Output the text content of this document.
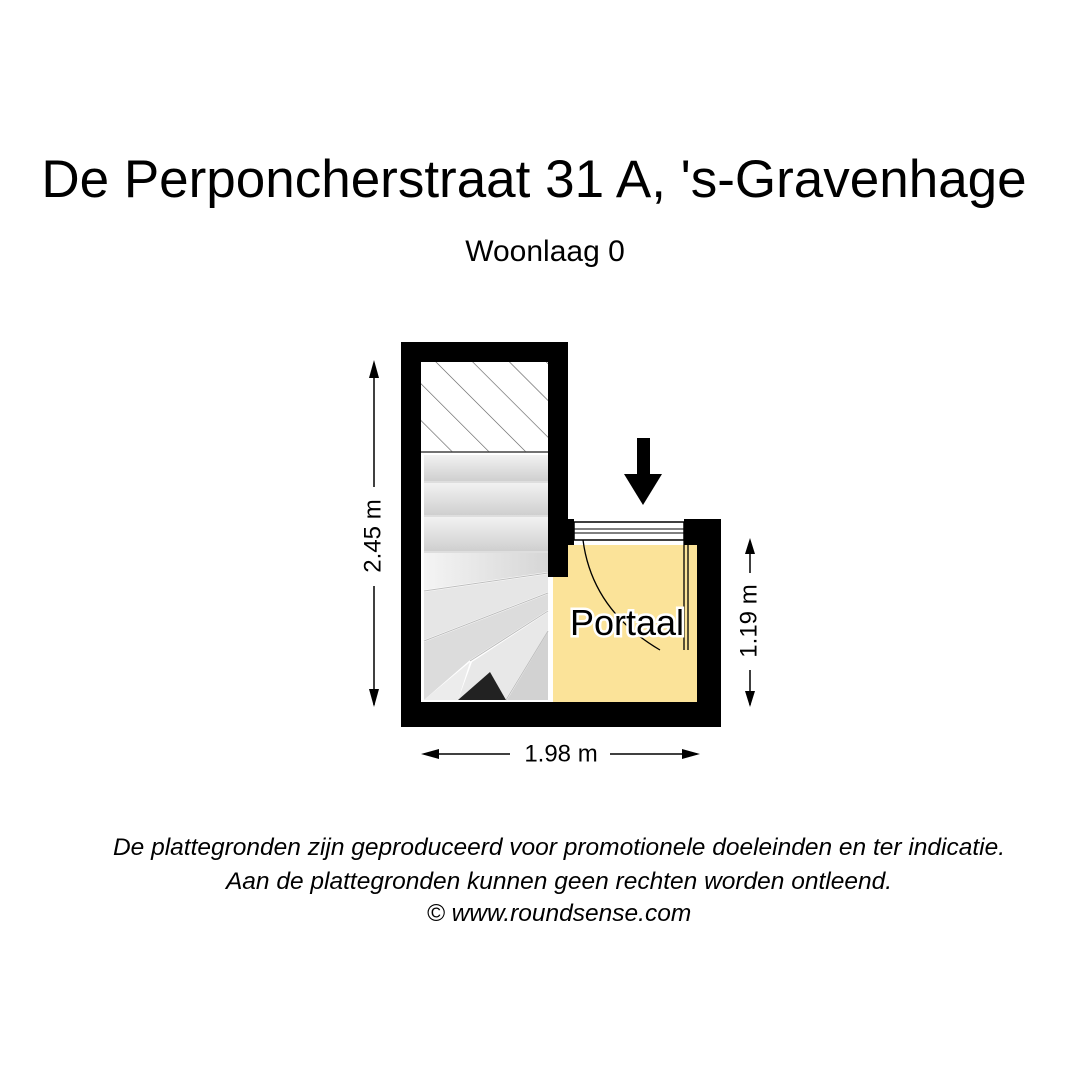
De Perponcherstraat 31 A, 's-Gravenhage
Woonlaag 0
Portaal
2.45 m
1.19 m
1.98 m
De plattegronden zijn geproduceerd voor promotionele doeleinden en ter indicatie.
Aan de plattegronden kunnen geen rechten worden ontleend.
© www.roundsense.com
